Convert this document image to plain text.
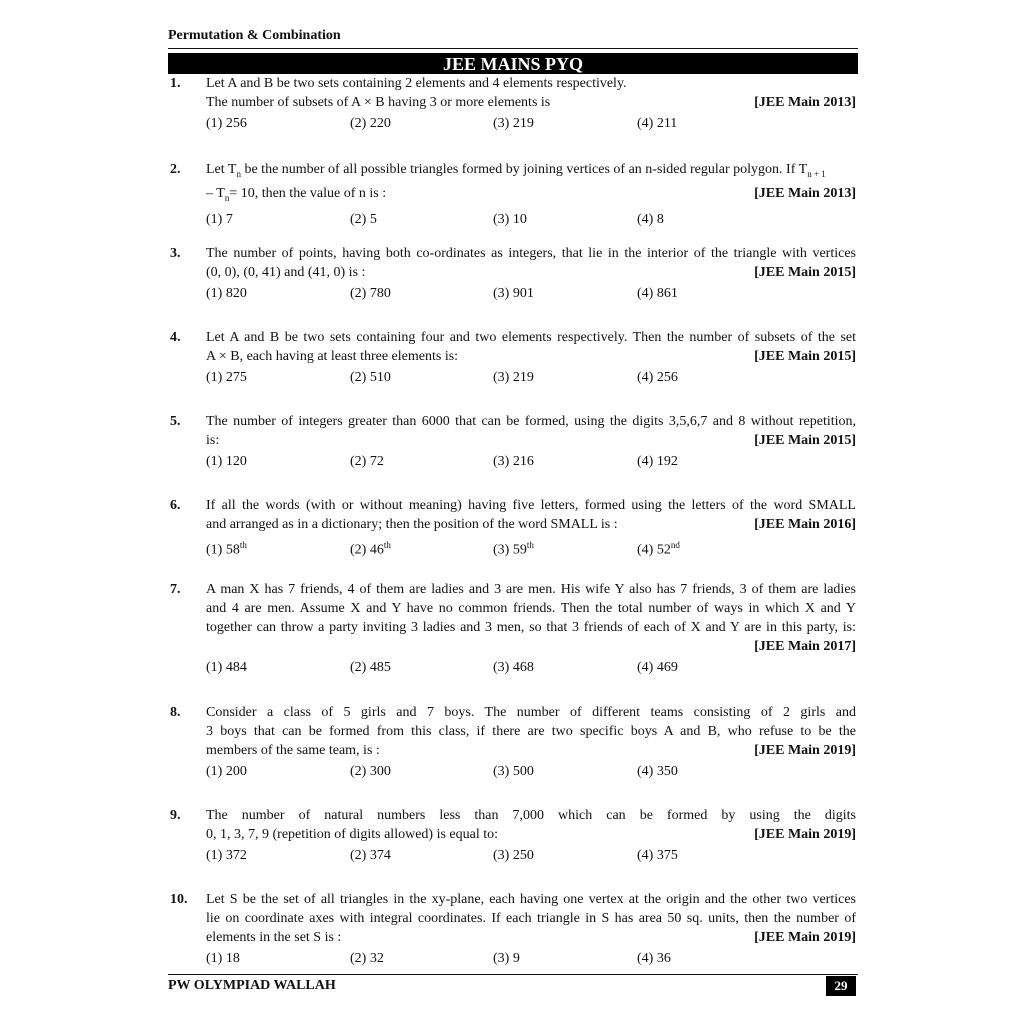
Permutation & Combination
JEE MAINS PYQ
1. Let A and B be two sets containing 2 elements and 4 elements respectively.
The number of subsets of A × B having 3 or more elements is	[JEE Main 2013]
(1) 256	(2) 220	(3) 219	(4) 211
2. Let $T_n$ be the number of all possible triangles formed by joining vertices of an n-sided regular polygon. If $T_{n + 1}$
– $T_n= 10$, then the value of n is :	[JEE Main 2013]
(1) 7	(2) 5	(3) 10	(4) 8
3. The number of points, having both co-ordinates as integers, that lie in the interior of the triangle with vertices
(0, 0), (0, 41) and (41, 0) is :	[JEE Main 2015]
(1) 820	(2) 780	(3) 901	(4) 861
4. Let A and B be two sets containing four and two elements respectively. Then the number of subsets of the set
A × B, each having at least three elements is:	[JEE Main 2015]
(1) 275	(2) 510	(3) 219	(4) 256
5. The number of integers greater than 6000 that can be formed, using the digits 3,5,6,7 and 8 without repetition,
is:	[JEE Main 2015]
(1) 120	(2) 72	(3) 216	(4) 192
6. If all the words (with or without meaning) having five letters, formed using the letters of the word SMALL
and arranged as in a dictionary; then the position of the word SMALL is :	[JEE Main 2016]
(1) 58th	(2) 46th	(3) 59th	(4) 52nd
7. A man X has 7 friends, 4 of them are ladies and 3 are men. His wife Y also has 7 friends, 3 of them are ladies
and 4 are men. Assume X and Y have no common friends. Then the total number of ways in which X and Y
together can throw a party inviting 3 ladies and 3 men, so that 3 friends of each of X and Y are in this party, is:
[JEE Main 2017]
(1) 484	(2) 485	(3) 468	(4) 469
8. Consider a class of 5 girls and 7 boys. The number of different teams consisting of 2 girls and
3 boys that can be formed from this class, if there are two specific boys A and B, who refuse to be the
members of the same team, is :	[JEE Main 2019]
(1) 200	(2) 300	(3) 500	(4) 350
9. The number of natural numbers less than 7,000 which can be formed by using the digits
0, 1, 3, 7, 9 (repetition of digits allowed) is equal to:	[JEE Main 2019]
(1) 372	(2) 374	(3) 250	(4) 375
10. Let S be the set of all triangles in the xy-plane, each having one vertex at the origin and the other two vertices
lie on coordinate axes with integral coordinates. If each triangle in S has area 50 sq. units, then the number of
elements in the set S is :	[JEE Main 2019]
(1) 18	(2) 32	(3) 9	(4) 36
PW OLYMPIAD WALLAH	29
